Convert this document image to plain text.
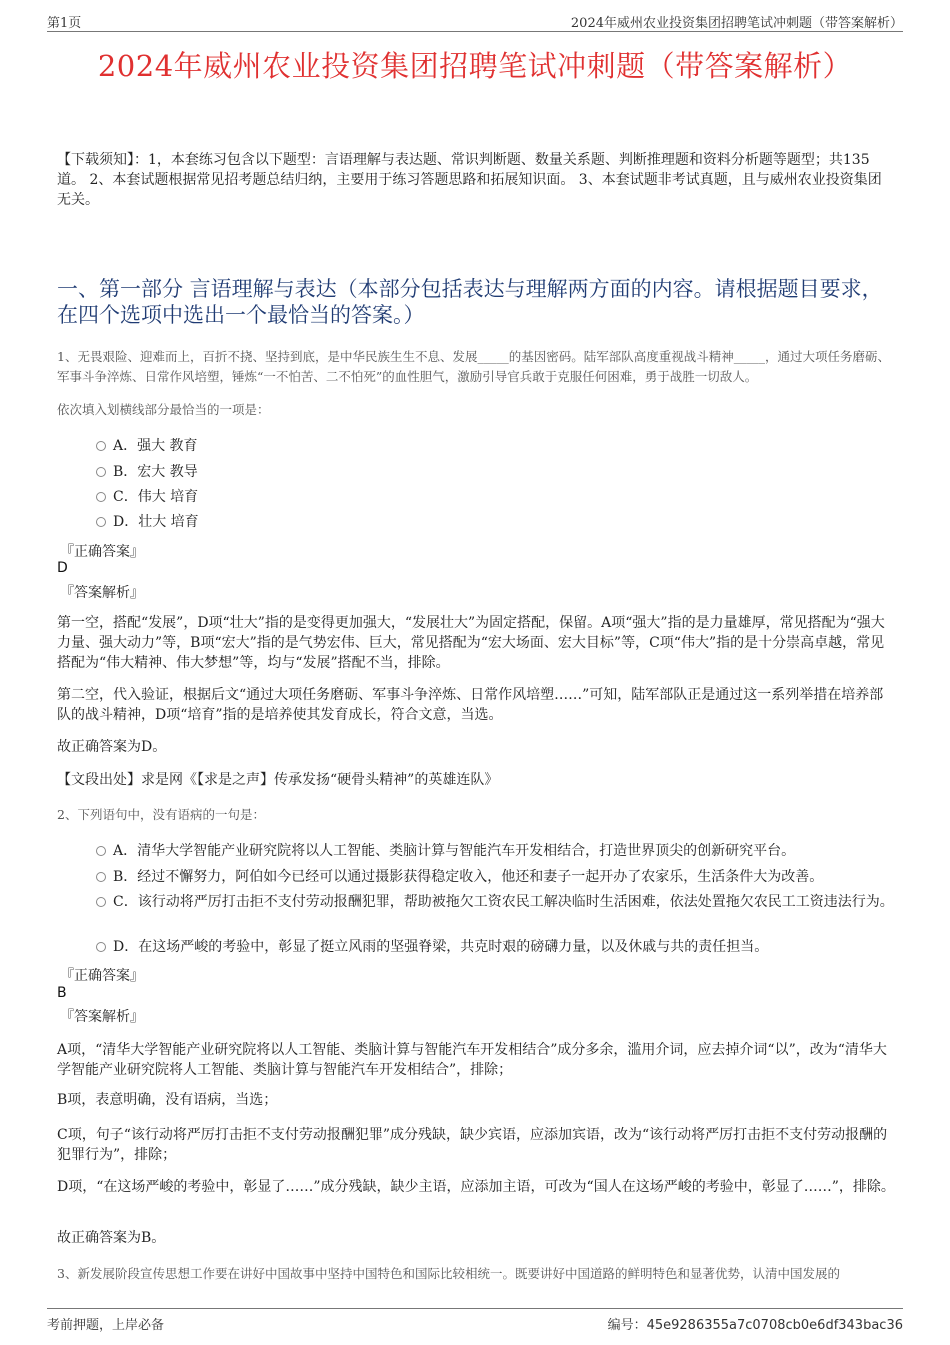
第1页	2024年威州农业投资集团招聘笔试冲刺题（带答案解析）
2024年威州农业投资集团招聘笔试冲刺题（带答案解析）
【下载须知】：1，本套练习包含以下题型：言语理解与表达题、常识判断题、数量关系题、判断推理题和资料分析题等题型；共135道。 2、本套试题根据常见招考题总结归纳，主要用于练习答题思路和拓展知识面。 3、本套试题非考试真题，且与威州农业投资集团无关。
一、第一部分 言语理解与表达（本部分包括表达与理解两方面的内容。请根据题目要求，在四个选项中选出一个最恰当的答案。）
1、无畏艰险、迎难而上，百折不挠、坚持到底，是中华民族生生不息、发展_____的基因密码。陆军部队高度重视战斗精神_____，通过大项任务磨砺、军事斗争淬炼、日常作风培塑，锤炼“一不怕苦、二不怕死”的血性胆气，激励引导官兵敢于克服任何困难，勇于战胜一切敌人。
依次填入划横线部分最恰当的一项是：
A．强大 教育
B．宏大 教导
C．伟大 培育
D．壮大 培育
『正确答案』
D
『答案解析』
第一空，搭配“发展”，D项“壮大”指的是变得更加强大，“发展壮大”为固定搭配，保留。A项“强大”指的是力量雄厚，常见搭配为“强大力量、强大动力”等，B项“宏大”指的是气势宏伟、巨大，常见搭配为“宏大场面、宏大目标”等，C项“伟大”指的是十分崇高卓越，常见搭配为“伟大精神、伟大梦想”等，均与“发展”搭配不当，排除。
第二空，代入验证，根据后文“通过大项任务磨砺、军事斗争淬炼、日常作风培塑……”可知，陆军部队正是通过这一系列举措在培养部队的战斗精神，D项“培育”指的是培养使其发育成长，符合文意，当选。
故正确答案为D。
【文段出处】求是网《【求是之声】传承发扬“硬骨头精神”的英雄连队》
2、下列语句中，没有语病的一句是：
A．清华大学智能产业研究院将以人工智能、类脑计算与智能汽车开发相结合，打造世界顶尖的创新研究平台。
B．经过不懈努力，阿伯如今已经可以通过摄影获得稳定收入，他还和妻子一起开办了农家乐，生活条件大为改善。
C．该行动将严厉打击拒不支付劳动报酬犯罪，帮助被拖欠工资农民工解决临时生活困难，依法处置拖欠农民工工资违法行为。
D．在这场严峻的考验中，彰显了挺立风雨的坚强脊梁，共克时艰的磅礴力量，以及休戚与共的责任担当。
『正确答案』
B
『答案解析』
A项，“清华大学智能产业研究院将以人工智能、类脑计算与智能汽车开发相结合”成分多余，滥用介词，应去掉介词“以”，改为“清华大学智能产业研究院将人工智能、类脑计算与智能汽车开发相结合”，排除；
B项，表意明确，没有语病，当选；
C项，句子“该行动将严厉打击拒不支付劳动报酬犯罪”成分残缺，缺少宾语，应添加宾语，改为“该行动将严厉打击拒不支付劳动报酬的犯罪行为”，排除；
D项，“在这场严峻的考验中，彰显了……”成分残缺，缺少主语，应添加主语，可改为“国人在这场严峻的考验中，彰显了……”，排除。
故正确答案为B。
3、新发展阶段宣传思想工作要在讲好中国故事中坚持中国特色和国际比较相统一。既要讲好中国道路的鲜明特色和显著优势，认清中国发展的
考前押题，上岸必备	编号：45e9286355a7c0708cb0e6df343bac36
